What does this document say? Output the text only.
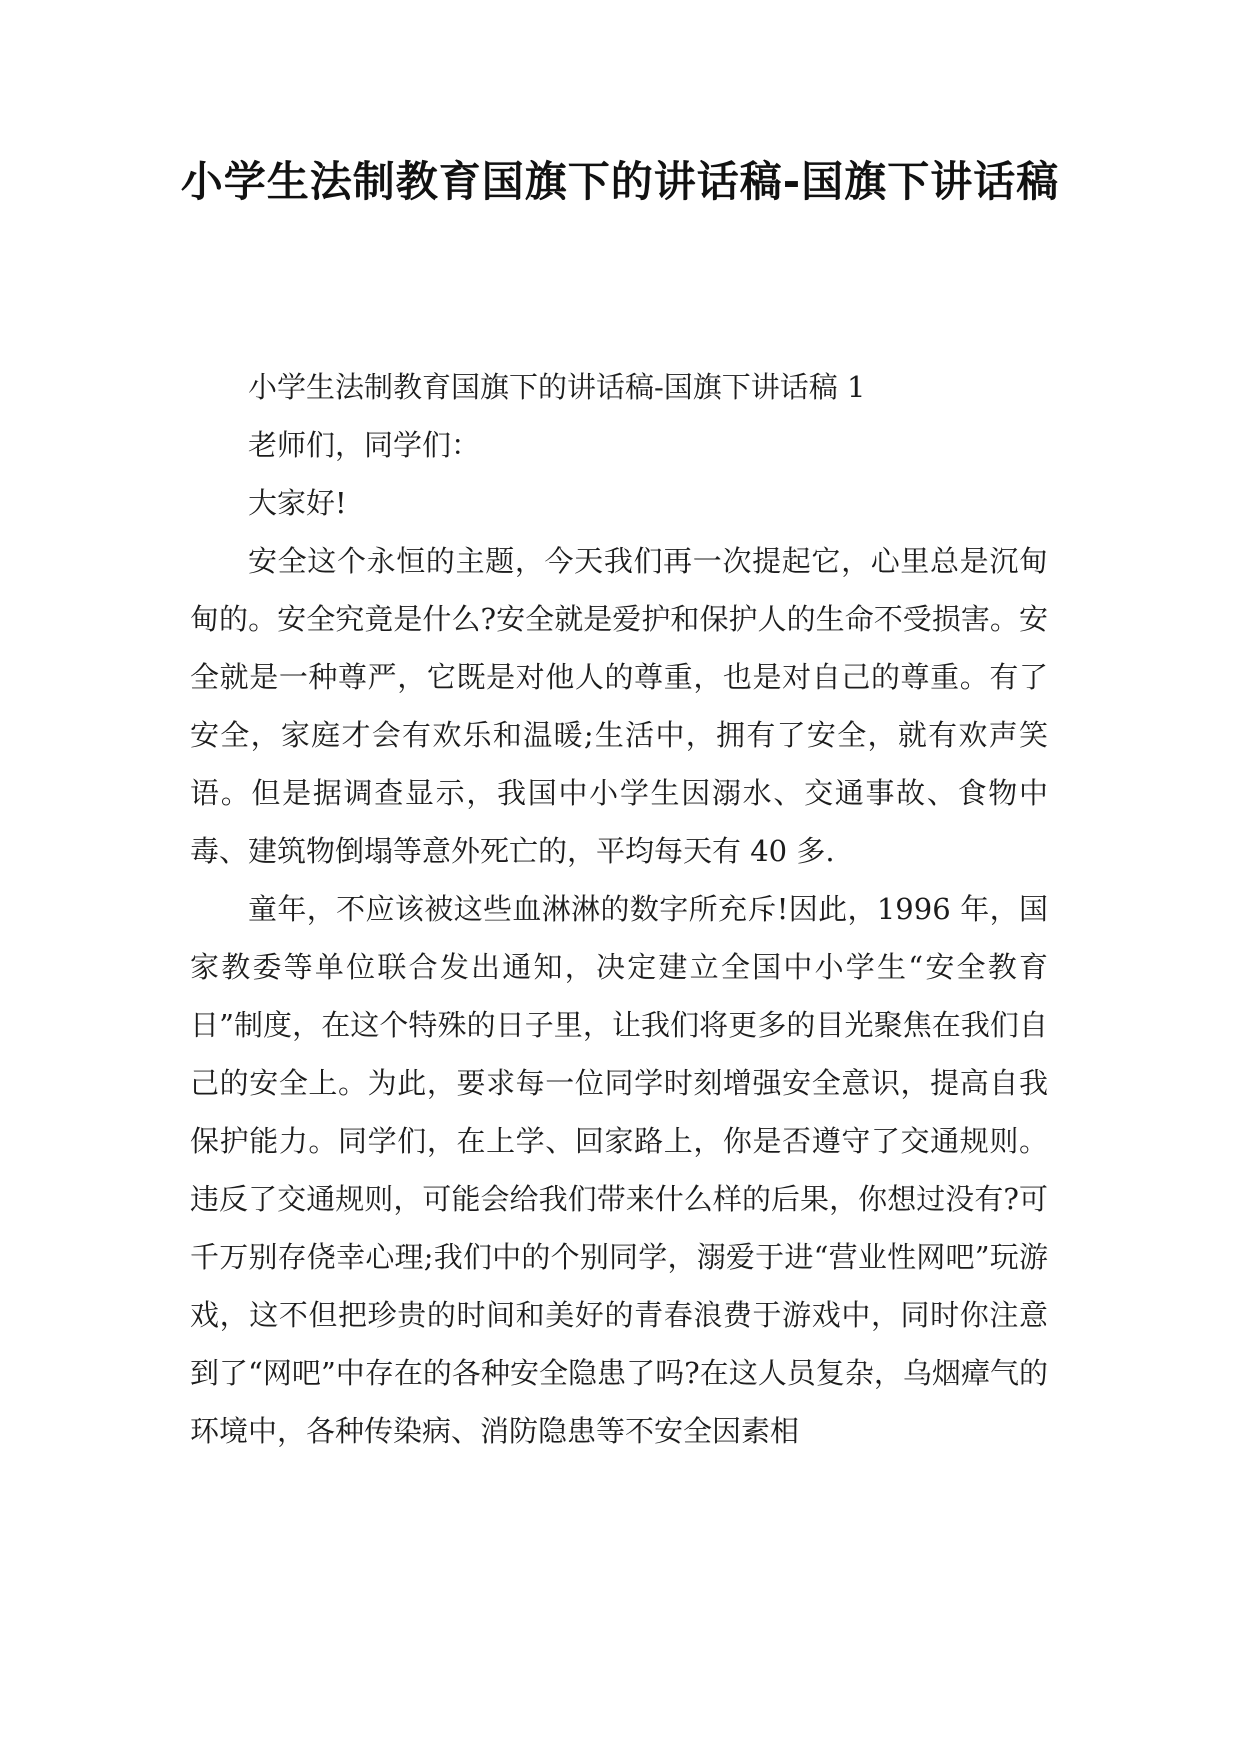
小学生法制教育国旗下的讲话稿-国旗下讲话稿

小学生法制教育国旗下的讲话稿-国旗下讲话稿 1

老师们，同学们：

大家好!

安全这个永恒的主题，今天我们再一次提起它，心里总是沉甸甸的。安全究竟是什么?安全就是爱护和保护人的生命不受损害。安全就是一种尊严，它既是对他人的尊重，也是对自己的尊重。有了安全，家庭才会有欢乐和温暖;生活中，拥有了安全，就有欢声笑语。但是据调查显示，我国中小学生因溺水、交通事故、食物中毒、建筑物倒塌等意外死亡的，平均每天有 40 多.

童年，不应该被这些血淋淋的数字所充斥!因此，1996 年，国家教委等单位联合发出通知，决定建立全国中小学生“安全教育日”制度，在这个特殊的日子里，让我们将更多的目光聚焦在我们自己的安全上。为此，要求每一位同学时刻增强安全意识，提高自我保护能力。同学们，在上学、回家路上，你是否遵守了交通规则。违反了交通规则，可能会给我们带来什么样的后果，你想过没有?可千万别存侥幸心理;我们中的个别同学，溺爱于进“营业性网吧”玩游戏，这不但把珍贵的时间和美好的青春浪费于游戏中，同时你注意到了“网吧”中存在的各种安全隐患了吗?在这人员复杂，乌烟瘴气的环境中，各种传染病、消防隐患等不安全因素相
